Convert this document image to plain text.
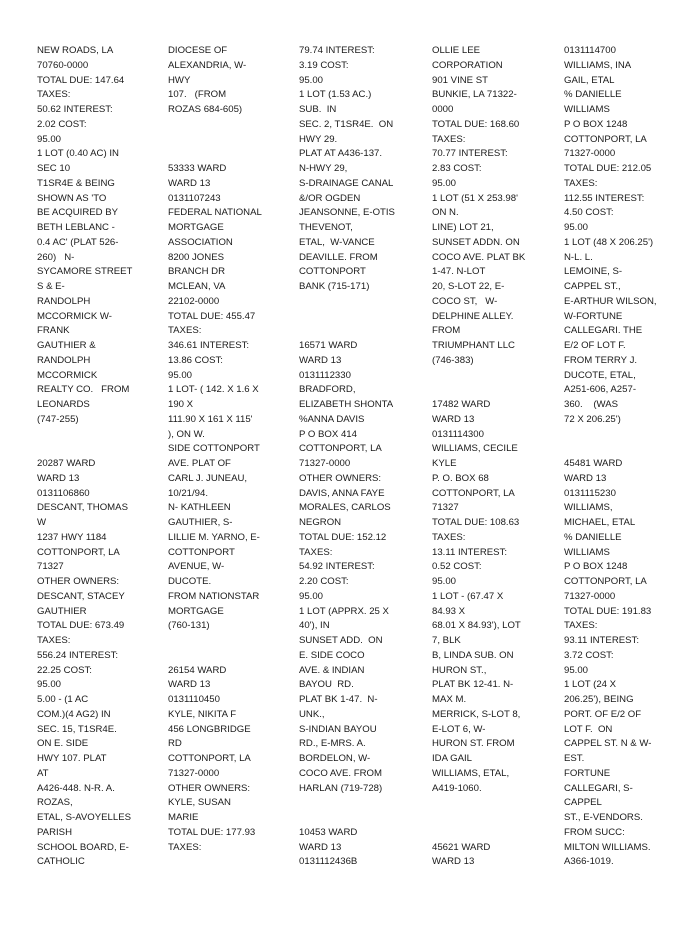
NEW ROADS, LA
70760-0000
TOTAL DUE: 147.64
TAXES:
50.62 INTEREST:
2.02 COST:
95.00
1 LOT (0.40 AC) IN
SEC 10
T1SR4E & BEING
SHOWN AS 'TO
BE ACQUIRED BY
BETH LEBLANC -
0.4 AC' (PLAT 526-
260)   N-
SYCAMORE STREET
S & E-
RANDOLPH
MCCORMICK W-
FRANK
GAUTHIER &
RANDOLPH
MCCORMICK
REALTY CO.   FROM
LEONARDS
(747-255)
20287 WARD
WARD 13
0131106860
DESCANT, THOMAS
W
1237 HWY 1184
COTTONPORT, LA
71327
OTHER OWNERS:
DESCANT, STACEY
GAUTHIER
TOTAL DUE: 673.49
TAXES:
556.24 INTEREST:
22.25 COST:
95.00
5.00 - (1 AC
COM.)(4 AG2) IN
SEC. 15, T1SR4E.
ON E. SIDE
HWY 107. PLAT
AT
A426-448. N-R. A.
ROZAS,
ETAL, S-AVOYELLES
PARISH
SCHOOL BOARD, E-
CATHOLIC
DIOCESE OF
ALEXANDRIA, W-
HWY
107.   (FROM
ROZAS 684-605)
53333 WARD
WARD 13
0131107243
FEDERAL NATIONAL
MORTGAGE
ASSOCIATION
8200 JONES
BRANCH DR
MCLEAN, VA
22102-0000
TOTAL DUE: 455.47
TAXES:
346.61 INTEREST:
13.86 COST:
95.00
1 LOT- ( 142. X 1.6 X
190 X
111.90 X 161 X 115'
), ON W.
SIDE COTTONPORT
AVE. PLAT OF
CARL J. JUNEAU,
10/21/94.
N- KATHLEEN
GAUTHIER, S-
LILLIE M. YARNO, E-
COTTONPORT
AVENUE, W-
DUCOTE.
FROM NATIONSTAR
MORTGAGE
(760-131)
26154 WARD
WARD 13
0131110450
KYLE, NIKITA F
456 LONGBRIDGE
RD
COTTONPORT, LA
71327-0000
OTHER OWNERS:
KYLE, SUSAN
MARIE
TOTAL DUE: 177.93
TAXES:
79.74 INTEREST:
3.19 COST:
95.00
1 LOT (1.53 AC.)
SUB.  IN
SEC. 2, T1SR4E.  ON
HWY 29.
PLAT AT A436-137.
N-HWY 29,
S-DRAINAGE CANAL
&/OR OGDEN
JEANSONNE, E-OTIS
THEVENOT,
ETAL,  W-VANCE
DEAVILLE. FROM
COTTONPORT
BANK (715-171)
16571 WARD
WARD 13
0131112330
BRADFORD,
ELIZABETH SHONTA
%ANNA DAVIS
P O BOX 414
COTTONPORT, LA
71327-0000
OTHER OWNERS:
DAVIS, ANNA FAYE
MORALES, CARLOS
NEGRON
TOTAL DUE: 152.12
TAXES:
54.92 INTEREST:
2.20 COST:
95.00
1 LOT (APPRX. 25 X
40'), IN
SUNSET ADD.  ON
E. SIDE COCO
AVE. & INDIAN
BAYOU  RD.
PLAT BK 1-47.  N-
UNK.,
S-INDIAN BAYOU
RD., E-MRS. A.
BORDELON, W-
COCO AVE. FROM
HARLAN (719-728)
10453 WARD
WARD 13
0131112436B
OLLIE LEE
CORPORATION
901 VINE ST
BUNKIE, LA 71322-
0000
TOTAL DUE: 168.60
TAXES:
70.77 INTEREST:
2.83 COST:
95.00
1 LOT (51 X 253.98'
ON N.
LINE) LOT 21,
SUNSET ADDN. ON
COCO AVE. PLAT BK
1-47. N-LOT
20, S-LOT 22, E-
COCO ST,   W-
DELPHINE ALLEY.
FROM
TRIUMPHANT LLC
(746-383)
17482 WARD
WARD 13
0131114300
WILLIAMS, CECILE
KYLE
P. O. BOX 68
COTTONPORT, LA
71327
TOTAL DUE: 108.63
TAXES:
13.11 INTEREST:
0.52 COST:
95.00
1 LOT - (67.47 X
84.93 X
68.01 X 84.93'), LOT
7, BLK
B, LINDA SUB. ON
HURON ST.,
PLAT BK 12-41. N-
MAX M.
MERRICK, S-LOT 8,
E-LOT 6, W-
HURON ST. FROM
IDA GAIL
WILLIAMS, ETAL,
A419-1060.
45621 WARD
WARD 13
0131114700
WILLIAMS, INA
GAIL, ETAL
% DANIELLE
WILLIAMS
P O BOX 1248
COTTONPORT, LA
71327-0000
TOTAL DUE: 212.05
TAXES:
112.55 INTEREST:
4.50 COST:
95.00
1 LOT (48 X 206.25')
N-L. L.
LEMOINE, S-
CAPPEL ST.,
E-ARTHUR WILSON,
W-FORTUNE
CALLEGARI. THE
E/2 OF LOT F.
FROM TERRY J.
DUCOTE, ETAL,
A251-606, A257-
360.    (WAS
72 X 206.25')
45481 WARD
WARD 13
0131115230
WILLIAMS,
MICHAEL, ETAL
% DANIELLE
WILLIAMS
P O BOX 1248
COTTONPORT, LA
71327-0000
TOTAL DUE: 191.83
TAXES:
93.11 INTEREST:
3.72 COST:
95.00
1 LOT (24 X
206.25'), BEING
PORT. OF E/2 OF
LOT F.  ON
CAPPEL ST. N & W-
EST.
FORTUNE
CALLEGARI, S-
CAPPEL
ST., E-VENDORS.
FROM SUCC:
MILTON WILLIAMS.
A366-1019.
